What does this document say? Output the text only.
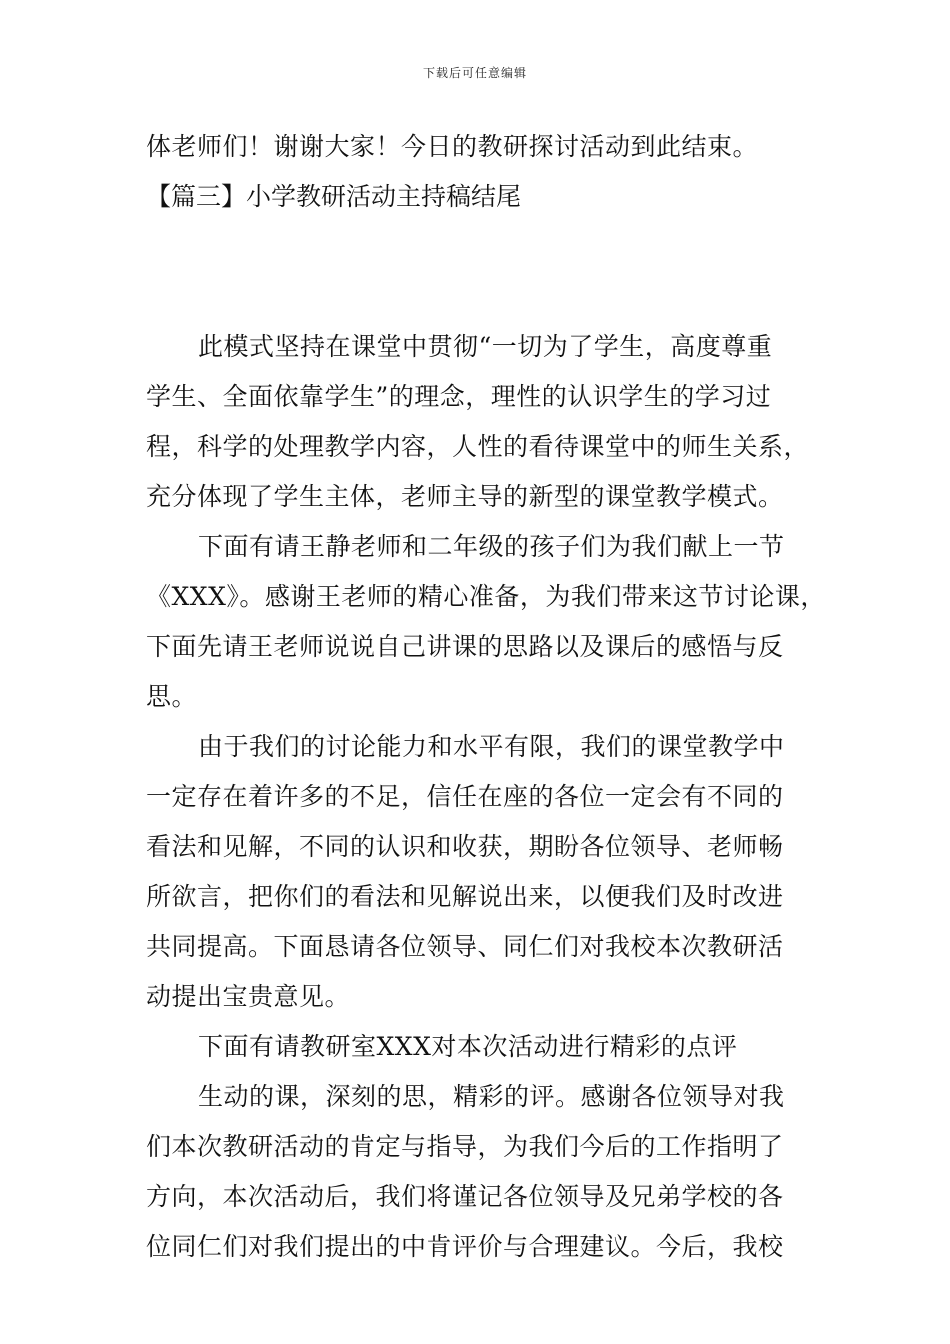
下载后可任意编辑
体老师们！谢谢大家！今日的教研探讨活动到此结束。
【篇三】小学教研活动主持稿结尾
此模式坚持在课堂中贯彻“一切为了学生，高度尊重
学生、全面依靠学生”的理念，理性的认识学生的学习过
程，科学的处理教学内容，人性的看待课堂中的师生关系，
充分体现了学生主体，老师主导的新型的课堂教学模式。
下面有请王静老师和二年级的孩子们为我们献上一节
《XXX》。感谢王老师的精心准备，为我们带来这节讨论课，
下面先请王老师说说自己讲课的思路以及课后的感悟与反
思。
由于我们的讨论能力和水平有限，我们的课堂教学中
一定存在着许多的不足，信任在座的各位一定会有不同的
看法和见解，不同的认识和收获，期盼各位领导、老师畅
所欲言，把你们的看法和见解说出来，以便我们及时改进
共同提高。下面恳请各位领导、同仁们对我校本次教研活
动提出宝贵意见。
下面有请教研室XXX对本次活动进行精彩的点评
生动的课，深刻的思，精彩的评。感谢各位领导对我
们本次教研活动的肯定与指导，为我们今后的工作指明了
方向，本次活动后，我们将谨记各位领导及兄弟学校的各
位同仁们对我们提出的中肯评价与合理建议。今后，我校
